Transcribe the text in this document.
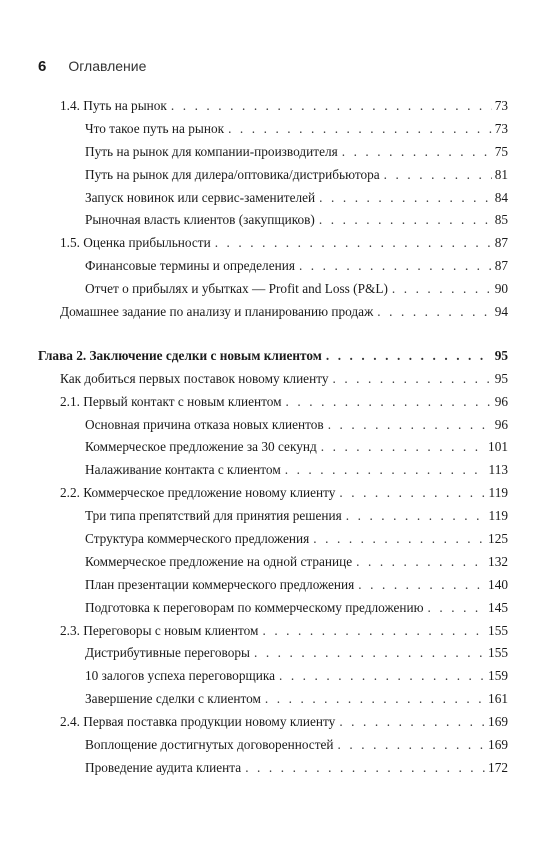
6 Оглавление
1.4. Путь на рынок . . .	73
Что такое путь на рынок . . .	73
Путь на рынок для компании-производителя . . .	75
Путь на рынок для дилера/оптовика/дистрибьютора . . .	81
Запуск новинок или сервис-заменителей . . .	84
Рыночная власть клиентов (закупщиков) . . .	85
1.5. Оценка прибыльности . . .	87
Финансовые термины и определения . . .	87
Отчет о прибылях и убытках — Profit and Loss (P&L) . . .	90
Домашнее задание по анализу и планированию продаж . . .	94
Глава 2. Заключение сделки с новым клиентом . . .	95
Как добиться первых поставок новому клиенту . . .	95
2.1. Первый контакт с новым клиентом . . .	96
Основная причина отказа новых клиентов . . .	96
Коммерческое предложение за 30 секунд . . .	101
Налаживание контакта с клиентом . . .	113
2.2. Коммерческое предложение новому клиенту . . .	119
Три типа препятствий для принятия решения . . .	119
Структура коммерческого предложения . . .	125
Коммерческое предложение на одной странице . . .	132
План презентации коммерческого предложения . . .	140
Подготовка к переговорам по коммерческому предложению . . .	145
2.3. Переговоры с новым клиентом . . .	155
Дистрибутивные переговоры . . .	155
10 залогов успеха переговорщика . . .	159
Завершение сделки с клиентом . . .	161
2.4. Первая поставка продукции новому клиенту . . .	169
Воплощение достигнутых договоренностей . . .	169
Проведение аудита клиента . . .	172
